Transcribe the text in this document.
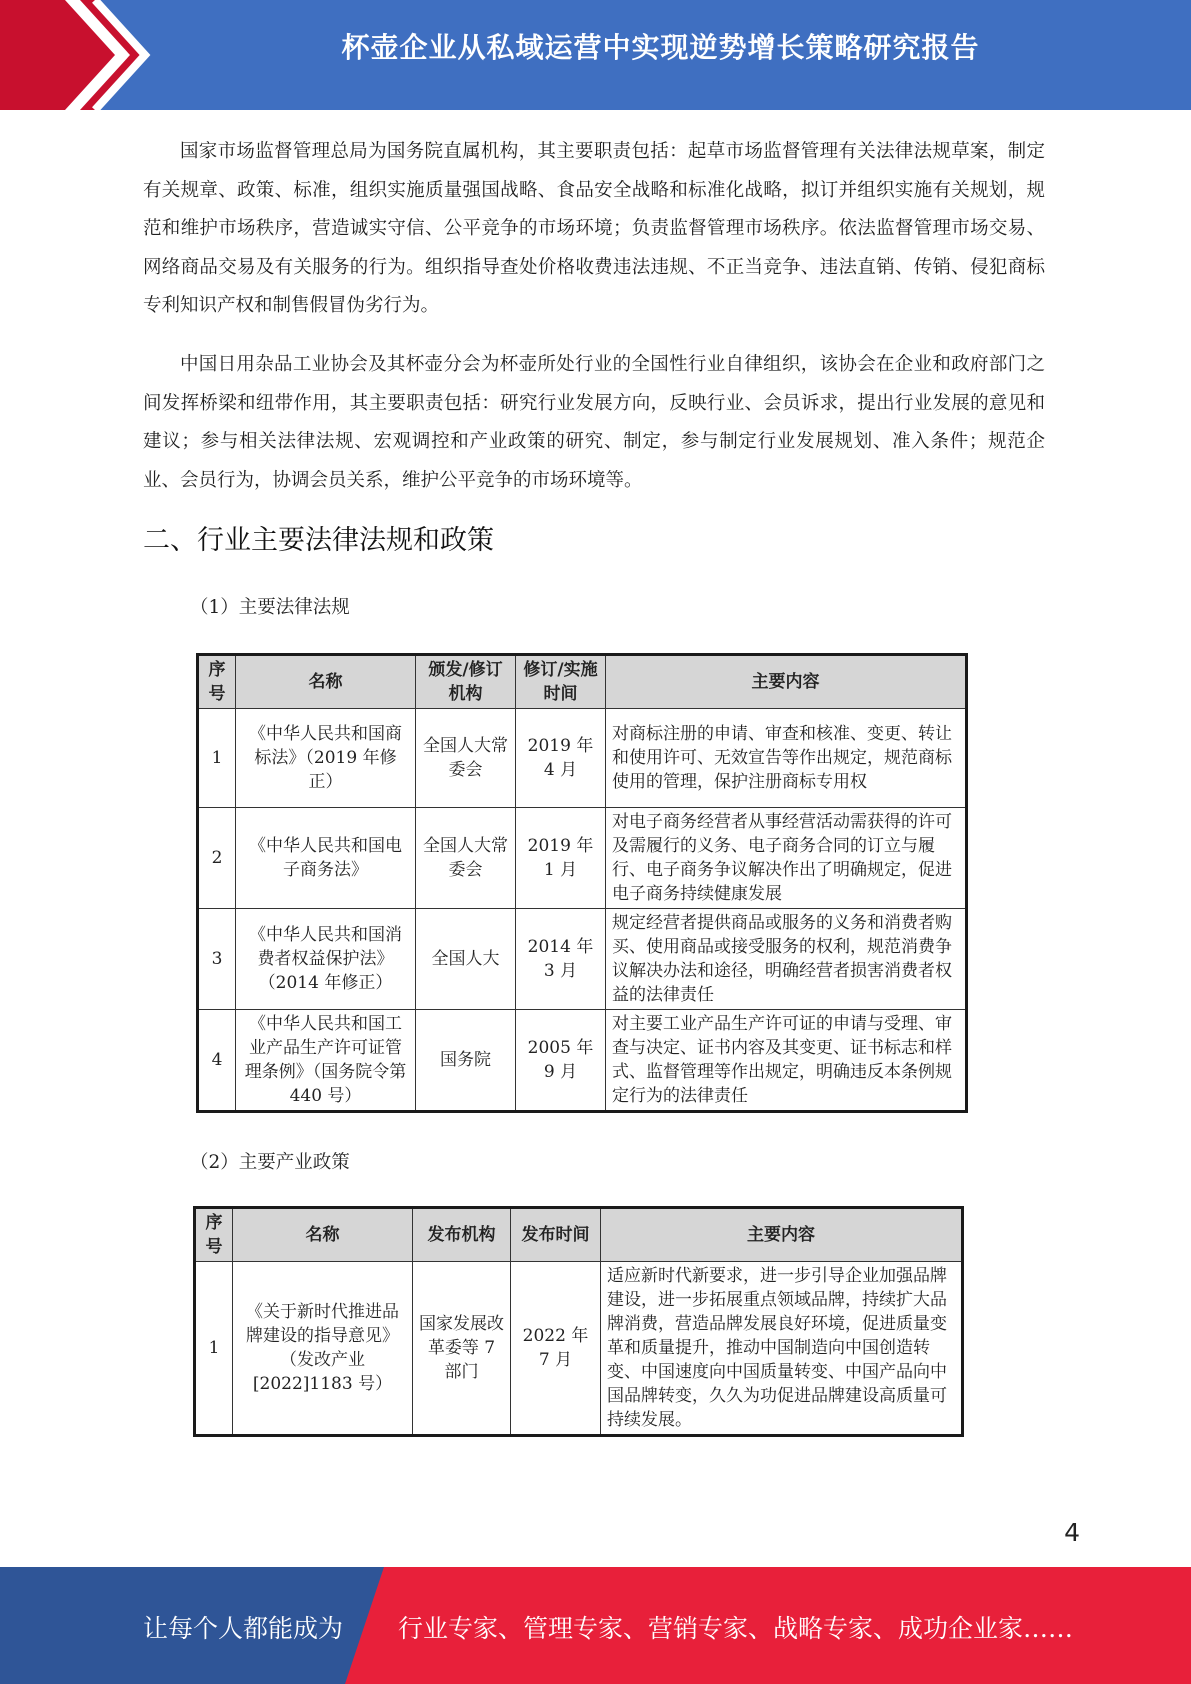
杯壶企业从私域运营中实现逆势增长策略研究报告

国家市场监督管理总局为国务院直属机构，其主要职责包括：起草市场监督管理有关法律法规草案，制定有关规章、政策、标准，组织实施质量强国战略、食品安全战略和标准化战略，拟订并组织实施有关规划，规范和维护市场秩序，营造诚实守信、公平竞争的市场环境；负责监督管理市场秩序。依法监督管理市场交易、网络商品交易及有关服务的行为。组织指导查处价格收费违法违规、不正当竞争、违法直销、传销、侵犯商标专利知识产权和制售假冒伪劣行为。

中国日用杂品工业协会及其杯壶分会为杯壶所处行业的全国性行业自律组织，该协会在企业和政府部门之间发挥桥梁和纽带作用，其主要职责包括：研究行业发展方向，反映行业、会员诉求，提出行业发展的意见和建议；参与相关法律法规、宏观调控和产业政策的研究、制定，参与制定行业发展规划、准入条件；规范企业、会员行为，协调会员关系，维护公平竞争的市场环境等。

二、行业主要法律法规和政策

（1）主要法律法规

序号	名称	颁发/修订机构	修订/实施时间	主要内容
1	《中华人民共和国商标法》（2019 年修正）	全国人大常委会	2019 年 4 月	对商标注册的申请、审查和核准、变更、转让和使用许可、无效宣告等作出规定，规范商标使用的管理，保护注册商标专用权
2	《中华人民共和国电子商务法》	全国人大常委会	2019 年 1 月	对电子商务经营者从事经营活动需获得的许可及需履行的义务、电子商务合同的订立与履行、电子商务争议解决作出了明确规定，促进电子商务持续健康发展
3	《中华人民共和国消费者权益保护法》（2014 年修正）	全国人大	2014 年 3 月	规定经营者提供商品或服务的义务和消费者购买、使用商品或接受服务的权利，规范消费争议解决办法和途径，明确经营者损害消费者权益的法律责任
4	《中华人民共和国工业产品生产许可证管理条例》（国务院令第 440 号）	国务院	2005 年 9 月	对主要工业产品生产许可证的申请与受理、审查与决定、证书内容及其变更、证书标志和样式、监督管理等作出规定，明确违反本条例规定行为的法律责任

（2）主要产业政策

序号	名称	发布机构	发布时间	主要内容
1	《关于新时代推进品牌建设的指导意见》（发改产业[2022]1183 号）	国家发展改革委等 7 部门	2022 年 7 月	适应新时代新要求，进一步引导企业加强品牌建设，进一步拓展重点领域品牌，持续扩大品牌消费，营造品牌发展良好环境，促进质量变革和质量提升，推动中国制造向中国创造转变、中国速度向中国质量转变、中国产品向中国品牌转变，久久为功促进品牌建设高质量可持续发展。
4
让每个人都能成为 行业专家、管理专家、营销专家、战略专家、成功企业家……
